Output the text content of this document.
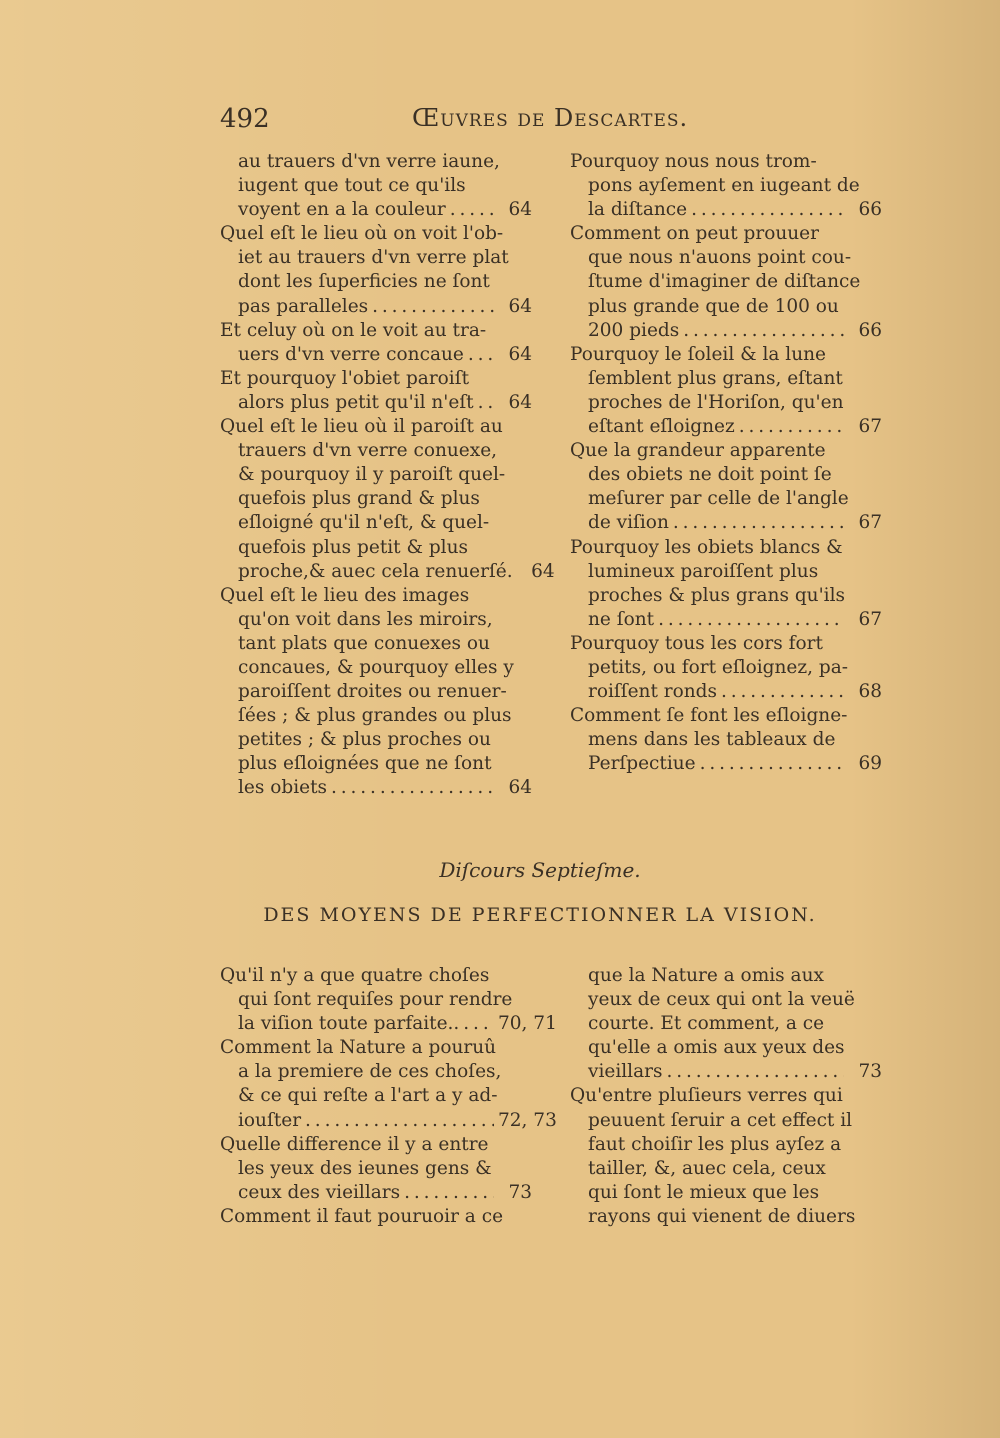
492	Œuvres de Descartes.
au trauers d'vn verre iaune,
iugent que tout ce qu'ils
voyent en a la couleur . . .	64
Quel eſt le lieu où on voit l'ob-
iet au trauers d'vn verre plat
dont les ſuperficies ne ſont
pas paralleles . . .	64
Et celuy où on le voit au tra-
uers d'vn verre concaue . . .	64
Et pourquoy l'obiet paroiſt
alors plus petit qu'il n'eſt . . .	64
Quel eſt le lieu où il paroiſt au
trauers d'vn verre conuexe,
& pourquoy il y paroiſt quel-
quefois plus grand & plus
eſloigné qu'il n'eſt, & quel-
quefois plus petit & plus
proche,& auec cela renuerſé. 64
Quel eſt le lieu des images
qu'on voit dans les miroirs,
tant plats que conuexes ou
concaues, & pourquoy elles y
paroiſſent droites ou renuer-
ſées ; & plus grandes ou plus
petites ; & plus proches ou
plus eſloignées que ne ſont
les obiets . . .	64
Pourquoy nous nous trom-
pons ayſement en iugeant de
la diſtance . . .	66
Comment on peut prouuer
que nous n'auons point cou-
ſtume d'imaginer de diſtance
plus grande que de 100 ou
200 pieds . . .	66
Pourquoy le ſoleil & la lune
ſemblent plus grans, eſtant
proches de l'Horiſon, qu'en
eſtant eſloignez . . .	67
Que la grandeur apparente
des obiets ne doit point ſe
meſurer par celle de l'angle
de viſion . . .	67
Pourquoy les obiets blancs &
lumineux paroiſſent plus
proches & plus grans qu'ils
ne ſont . . .	67
Pourquoy tous les cors fort
petits, ou fort eſloignez, pa-
roiſſent ronds . . .	68
Comment ſe font les eſloigne-
mens dans les tableaux de
Perſpectiue . . .	69
Diſcours Septieſme.
DES MOYENS DE PERFECTIONNER LA VISION.
Qu'il n'y a que quatre choſes
qui ſont requiſes pour rendre
la viſion toute parfaite.. . . . 70, 71
Comment la Nature a pouruû
a la premiere de ces choſes,
& ce qui reſte a l'art a y ad-
iouſter . . .	72, 73
Quelle difference il y a entre
les yeux des ieunes gens &
ceux des vieillars . . .	73
Comment il faut pouruoir a ce
que la Nature a omis aux
yeux de ceux qui ont la veuë
courte. Et comment, a ce
qu'elle a omis aux yeux des
vieillars . . .	73
Qu'entre pluſieurs verres qui
peuuent ſeruir a cet effect il
faut choiſir les plus ayſez a
tailler, &, auec cela, ceux
qui ſont le mieux que les
rayons qui vienent de diuers
